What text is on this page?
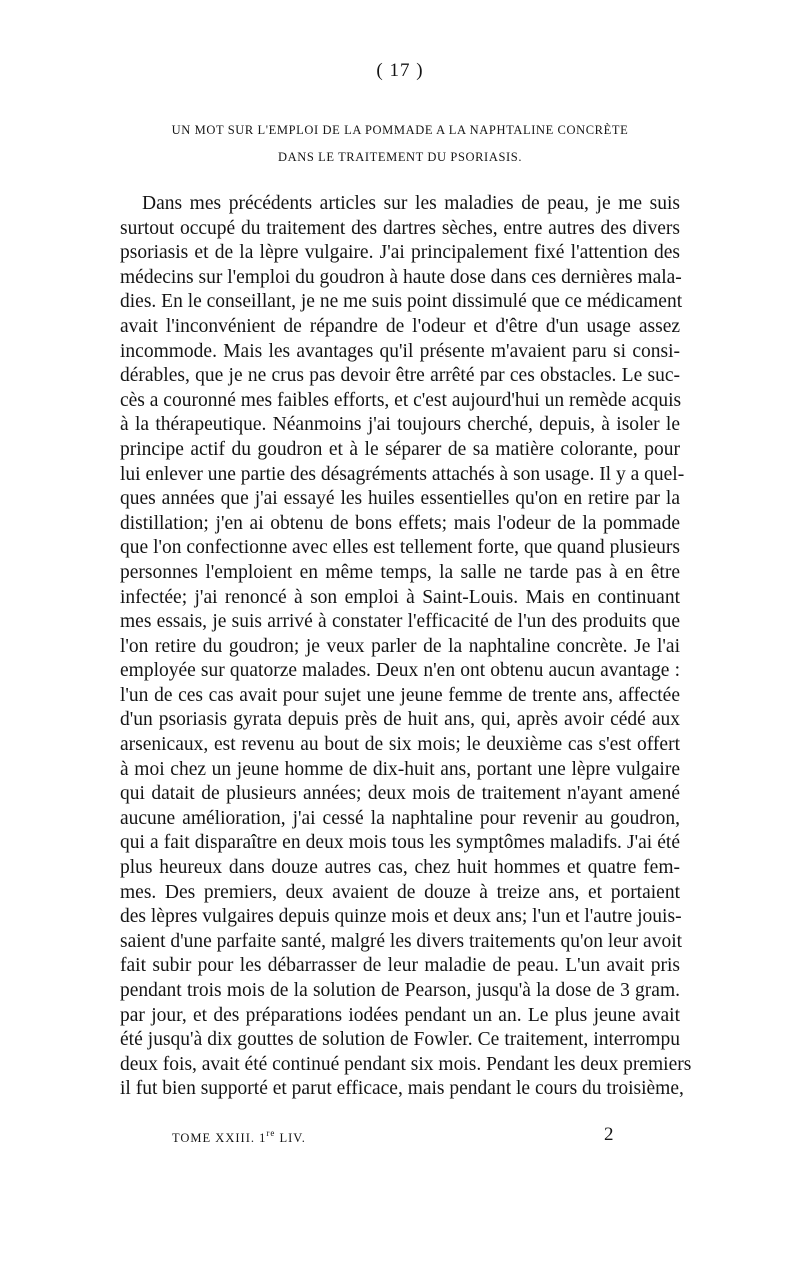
( 17 )
UN MOT SUR L'EMPLOI DE LA POMMADE A LA NAPHTALINE CONCRÈTE
DANS LE TRAITEMENT DU PSORIASIS.
Dans mes précédents articles sur les maladies de peau, je me suis
surtout occupé du traitement des dartres sèches, entre autres des divers
psoriasis et de la lèpre vulgaire. J'ai principalement fixé l'attention des
médecins sur l'emploi du goudron à haute dose dans ces dernières mala-
dies. En le conseillant, je ne me suis point dissimulé que ce médicament
avait l'inconvénient de répandre de l'odeur et d'être d'un usage assez
incommode. Mais les avantages qu'il présente m'avaient paru si consi-
dérables, que je ne crus pas devoir être arrêté par ces obstacles. Le suc-
cès a couronné mes faibles efforts, et c'est aujourd'hui un remède acquis
à la thérapeutique. Néanmoins j'ai toujours cherché, depuis, à isoler le
principe actif du goudron et à le séparer de sa matière colorante, pour
lui enlever une partie des désagréments attachés à son usage. Il y a quel-
ques années que j'ai essayé les huiles essentielles qu'on en retire par la
distillation; j'en ai obtenu de bons effets; mais l'odeur de la pommade
que l'on confectionne avec elles est tellement forte, que quand plusieurs
personnes l'emploient en même temps, la salle ne tarde pas à en être
infectée; j'ai renoncé à son emploi à Saint-Louis. Mais en continuant
mes essais, je suis arrivé à constater l'efficacité de l'un des produits que
l'on retire du goudron; je veux parler de la naphtaline concrète. Je l'ai
employée sur quatorze malades. Deux n'en ont obtenu aucun avantage :
l'un de ces cas avait pour sujet une jeune femme de trente ans, affectée
d'un psoriasis gyrata depuis près de huit ans, qui, après avoir cédé aux
arsenicaux, est revenu au bout de six mois; le deuxième cas s'est offert
à moi chez un jeune homme de dix-huit ans, portant une lèpre vulgaire
qui datait de plusieurs années; deux mois de traitement n'ayant amené
aucune amélioration, j'ai cessé la naphtaline pour revenir au goudron,
qui a fait disparaître en deux mois tous les symptômes maladifs. J'ai été
plus heureux dans douze autres cas, chez huit hommes et quatre fem-
mes. Des premiers, deux avaient de douze à treize ans, et portaient
des lèpres vulgaires depuis quinze mois et deux ans; l'un et l'autre jouis-
saient d'une parfaite santé, malgré les divers traitements qu'on leur avoit
fait subir pour les débarrasser de leur maladie de peau. L'un avait pris
pendant trois mois de la solution de Pearson, jusqu'à la dose de 3 gram.
par jour, et des préparations iodées pendant un an. Le plus jeune avait
été jusqu'à dix gouttes de solution de Fowler. Ce traitement, interrompu
deux fois, avait été continué pendant six mois. Pendant les deux premiers
il fut bien supporté et parut efficace, mais pendant le cours du troisième,
TOME XXIII. 1re LIV.	2
